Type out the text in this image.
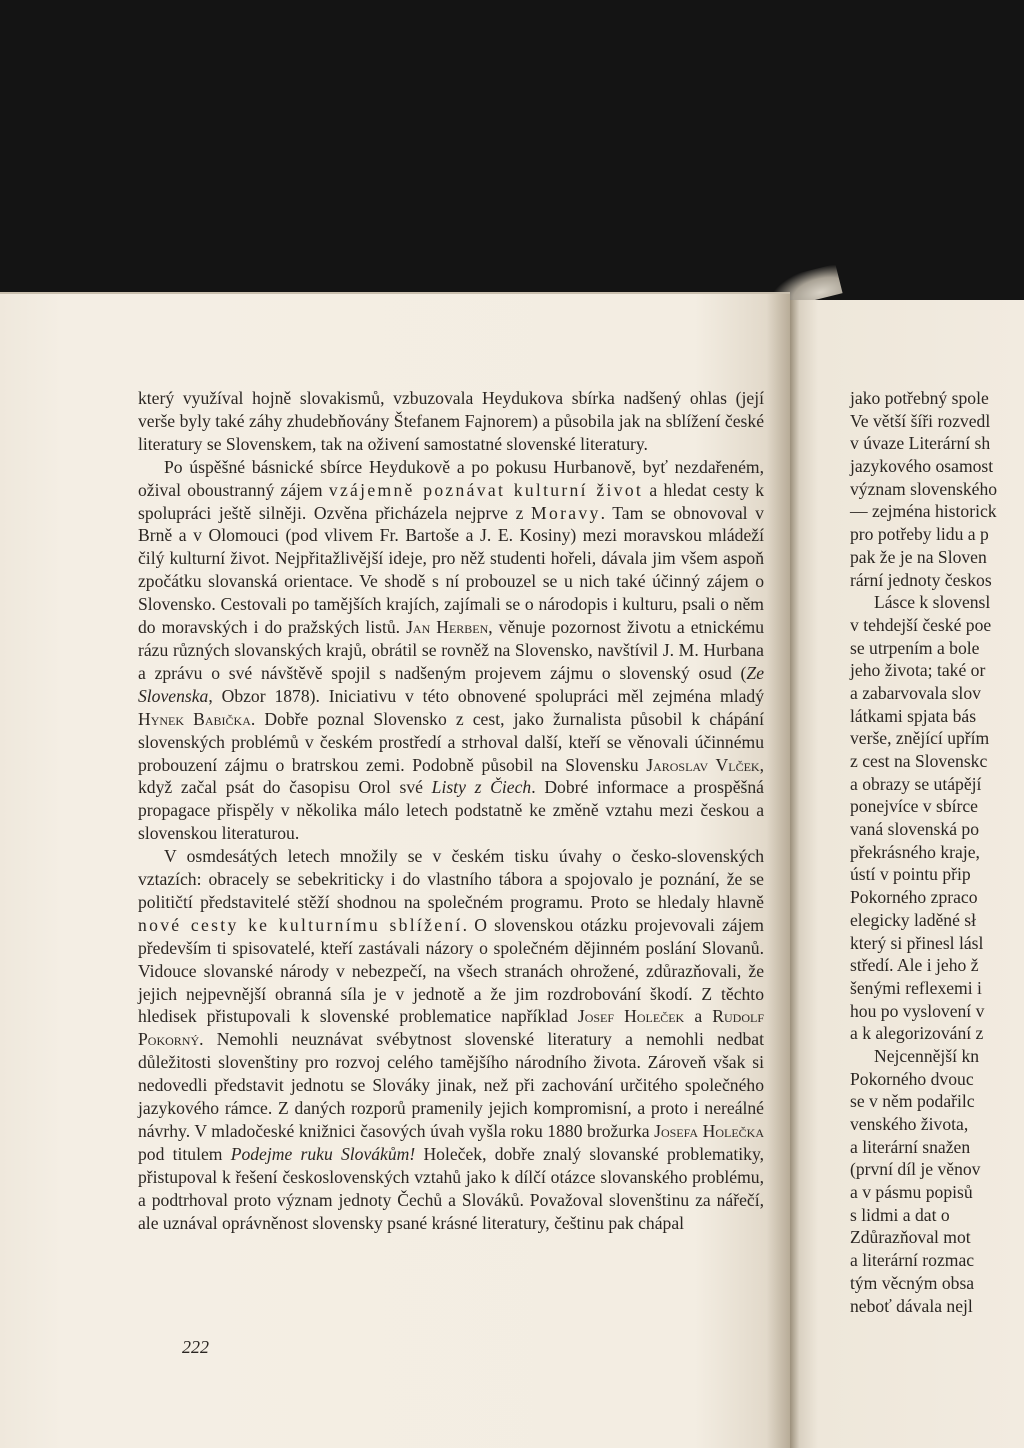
který využíval hojně slovakismů, vzbuzovala Heydukova sbírka nadšený ohlas (její verše byly také záhy zhudebňovány Štefanem Fajnorem) a působila jak na sblížení české literatury se Slovenskem, tak na oživení samostatné slovenské literatury.

Po úspěšné básnické sbírce Heydukově a po pokusu Hurbanově, byť nezdařeném, ožival oboustranný zájem vzájemně poznávat kulturní život a hledat cesty k spolupráci ještě silněji. Ozvěna přicházela nejprve z Moravy. Tam se obnovoval v Brně a v Olomouci (pod vlivem Fr. Bartoše a J. E. Kosiny) mezi moravskou mládeží čilý kulturní život. Nejpřitažlivější ideje, pro něž studenti hořeli, dávala jim všem aspoň zpočátku slovanská orientace. Ve shodě s ní probouzel se u nich také účinný zájem o Slovensko. Cestovali po tamějších krajích, zajímali se o národopis i kulturu, psali o něm do moravských i do pražských listů. Jan Herben, věnuje pozornost životu a etnickému rázu různých slovanských krajů, obrátil se rovněž na Slovensko, navštívil J. M. Hurbana a zprávu o své návštěvě spojil s nadšeným projevem zájmu o slovenský osud (Ze Slovenska, Obzor 1878). Iniciativu v této obnovené spolupráci měl zejména mladý Hynek Babička. Dobře poznal Slovensko z cest, jako žurnalista působil k chápání slovenských problémů v českém prostředí a strhoval další, kteří se věnovali účinnému probouzení zájmu o bratrskou zemi. Podobně působil na Slovensku Jaroslav Vlček, když začal psát do časopisu Orol své Listy z Čiech. Dobré informace a prospěšná propagace přispěly v několika málo letech podstatně ke změně vztahu mezi českou a slovenskou literaturou.

V osmdesátých letech množily se v českém tisku úvahy o česko-slovenských vztazích: obracely se sebekriticky i do vlastního tábora a spojovalo je poznání, že se političtí představitelé stěží shodnou na společném programu. Proto se hledaly hlavně nové cesty ke kulturnímu sblížení. O slovenskou otázku projevovali zájem především ti spisovatelé, kteří zastávali názory o společném dějinném poslání Slovanů. Vidouce slovanské národy v nebezpečí, na všech stranách ohrožené, zdůrazňovali, že jejich nejpevnější obranná síla je v jednotě a že jim rozdrobování škodí. Z těchto hledisek přistupovali k slovenské problematice například Josef Holeček a Rudolf Pokorný. Nemohli neuznávat svébytnost slovenské literatury a nemohli nedbat důležitosti slovenštiny pro rozvoj celého tamějšího národního života. Zároveň však si nedovedli představit jednotu se Slováky jinak, než při zachování určitého společného jazykového rámce. Z daných rozporů pramenily jejich kompromisní, a proto i nereálné návrhy. V mladočeské knižnici časových úvah vyšla roku 1880 brožurka Josefa Holečka pod titulem Podejme ruku Slovákům! Holeček, dobře znalý slovanské problematiky, přistupoval k řešení československých vztahů jako k dílčí otázce slovanského problému, a podtrhoval proto význam jednoty Čechů a Slováků. Považoval slovenštinu za nářečí, ale uznával oprávněnost slovensky psané krásné literatury, češtinu pak chápal

222
jako potřebný spole
Ve větší šíři rozvedl
v úvaze Literární sh
jazykového osamost
význam slovenského
— zejména historick
pro potřeby lidu a p
pak že je na Sloven
rární jednoty českos
Lásce k slovensl
v tehdejší české poe
se utrpením a bole
jeho života; také or
a zabarvovala slov
látkami spjata bás
verše, znějící upřím
z cest na Slovenskc
a obrazy se utápějí
ponejvíce v sbírce
vaná slovenská po
překrásného kraje,
ústí v pointu přip
Pokorného zpraco
elegicky laděné sł
který si přinesl lásl
středí. Ale i jeho ž
šenými reflexemi i
hou po vyslovení v
a k alegorizování z
Nejcennější kn
Pokorného dvouc
se v něm podařilc
venského života,
a literární snažen
(první díl je věnov
a v pásmu popisů
s lidmi a dat o
Zdůrazňoval mot
a literární rozmac
tým věcným obsa
neboť dávala nejl
